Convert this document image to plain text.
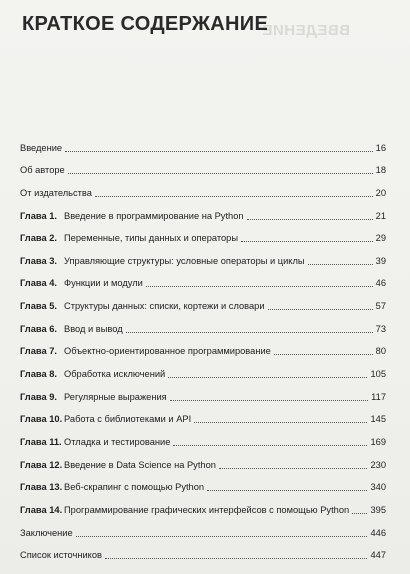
ВВЕДЕНИЕ
КРАТКОЕ СОДЕРЖАНИЕ
Введение	16
Об авторе	18
От издательства	20
Глава 1. Введение в программирование на Python	21
Глава 2. Переменные, типы данных и операторы	29
Глава 3. Управляющие структуры: условные операторы и циклы	39
Глава 4. Функции и модули	46
Глава 5. Структуры данных: списки, кортежи и словари	57
Глава 6. Ввод и вывод	73
Глава 7. Объектно-ориентированное программирование	80
Глава 8. Обработка исключений	105
Глава 9. Регулярные выражения	117
Глава 10. Работа с библиотеками и API	145
Глава 11. Отладка и тестирование	169
Глава 12. Введение в Data Science на Python	230
Глава 13. Веб-скрапинг с помощью Python	340
Глава 14. Программирование графических интерфейсов с помощью Python 395
Заключение	446
Список источников	447
